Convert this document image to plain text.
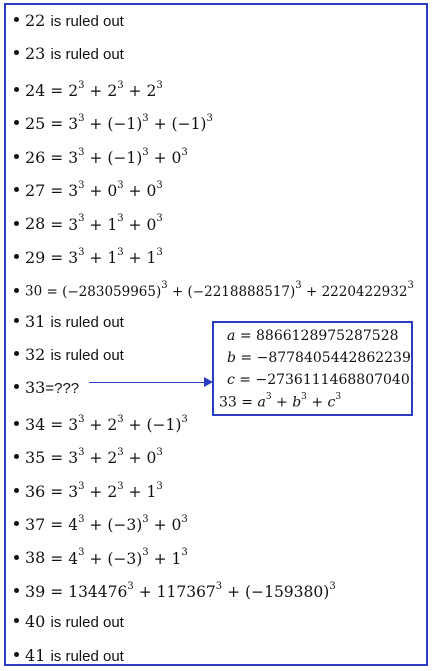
22 is ruled out
23 is ruled out
$24 = 2^3 + 2^3 + 2^3$
$25 = 3^3 + (-1)^3 + (-1)^3$
$26 = 3^3 + (-1)^3 + 0^3$
$27 = 3^3 + 0^3 + 0^3$
$28 = 3^3 + 1^3 + 0^3$
$29 = 3^3 + 1^3 + 1^3$
$30 = (-283059965)^3 + (-2218888517)^3 + 2220422932^3$
31 is ruled out
32 is ruled out
33=???
$34 = 3^3 + 2^3 + (-1)^3$
$35 = 3^3 + 2^3 + 0^3$
$36 = 3^3 + 2^3 + 1^3$
$37 = 4^3 + (-3)^3 + 0^3$
$38 = 4^3 + (-3)^3 + 1^3$
$39 = 134476^3 + 117367^3 + (-159380)^3$
40 is ruled out
41 is ruled out
a = 8866128975287528
b = −8778405442862239
c = −2736111468807040
$33 = a^3 + b^3 + c^3$
